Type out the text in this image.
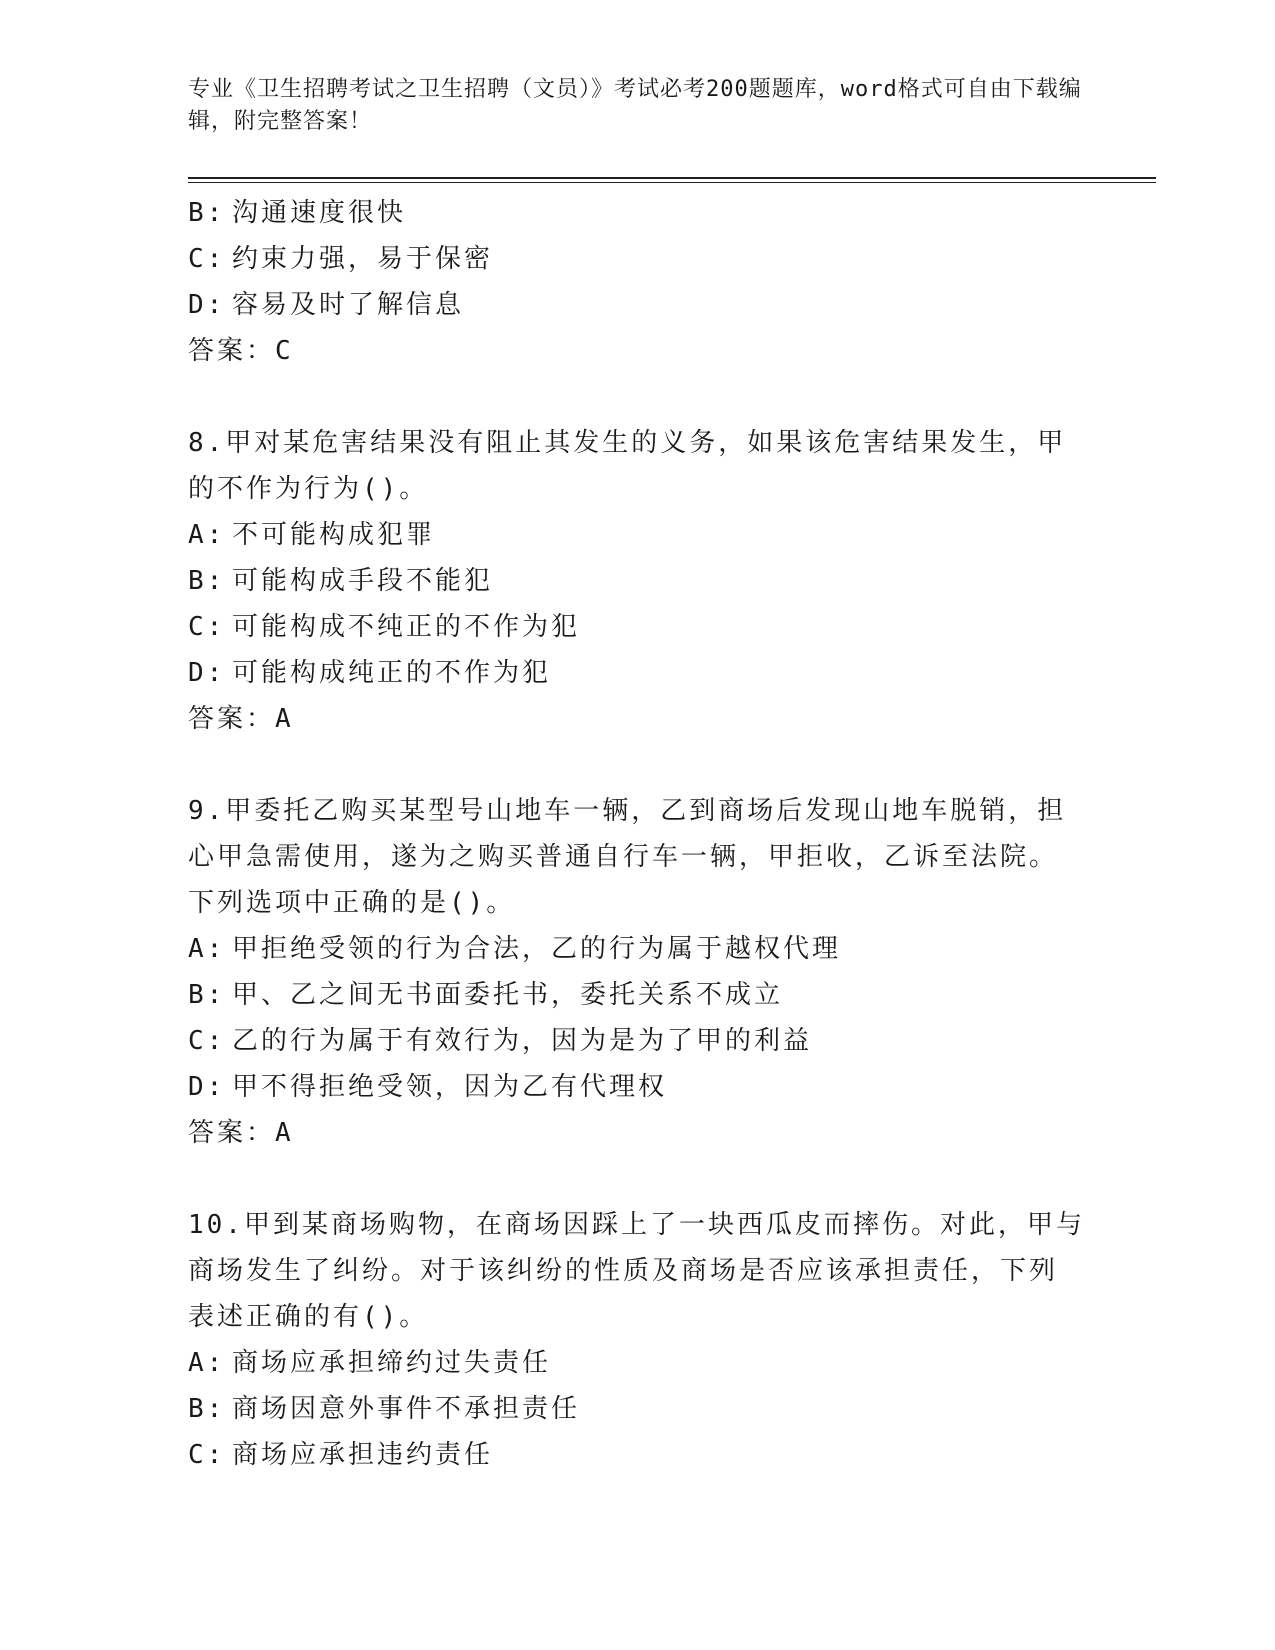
专业《卫生招聘考试之卫生招聘（文员）》考试必考200题题库，word格式可自由下载编辑，附完整答案！
B: 沟通速度很快
C: 约束力强，易于保密
D: 容易及时了解信息
答案：C
8.甲对某危害结果没有阻止其发生的义务，如果该危害结果发生，甲
的不作为行为()。
A: 不可能构成犯罪
B: 可能构成手段不能犯
C: 可能构成不纯正的不作为犯
D: 可能构成纯正的不作为犯
答案：A
9.甲委托乙购买某型号山地车一辆，乙到商场后发现山地车脱销，担
心甲急需使用，遂为之购买普通自行车一辆，甲拒收，乙诉至法院。
下列选项中正确的是()。
A: 甲拒绝受领的行为合法，乙的行为属于越权代理
B: 甲、乙之间无书面委托书，委托关系不成立
C: 乙的行为属于有效行为，因为是为了甲的利益
D: 甲不得拒绝受领，因为乙有代理权
答案：A
10.甲到某商场购物，在商场因踩上了一块西瓜皮而摔伤。对此，甲与
商场发生了纠纷。对于该纠纷的性质及商场是否应该承担责任，下列
表述正确的有()。
A: 商场应承担缔约过失责任
B: 商场因意外事件不承担责任
C: 商场应承担违约责任
